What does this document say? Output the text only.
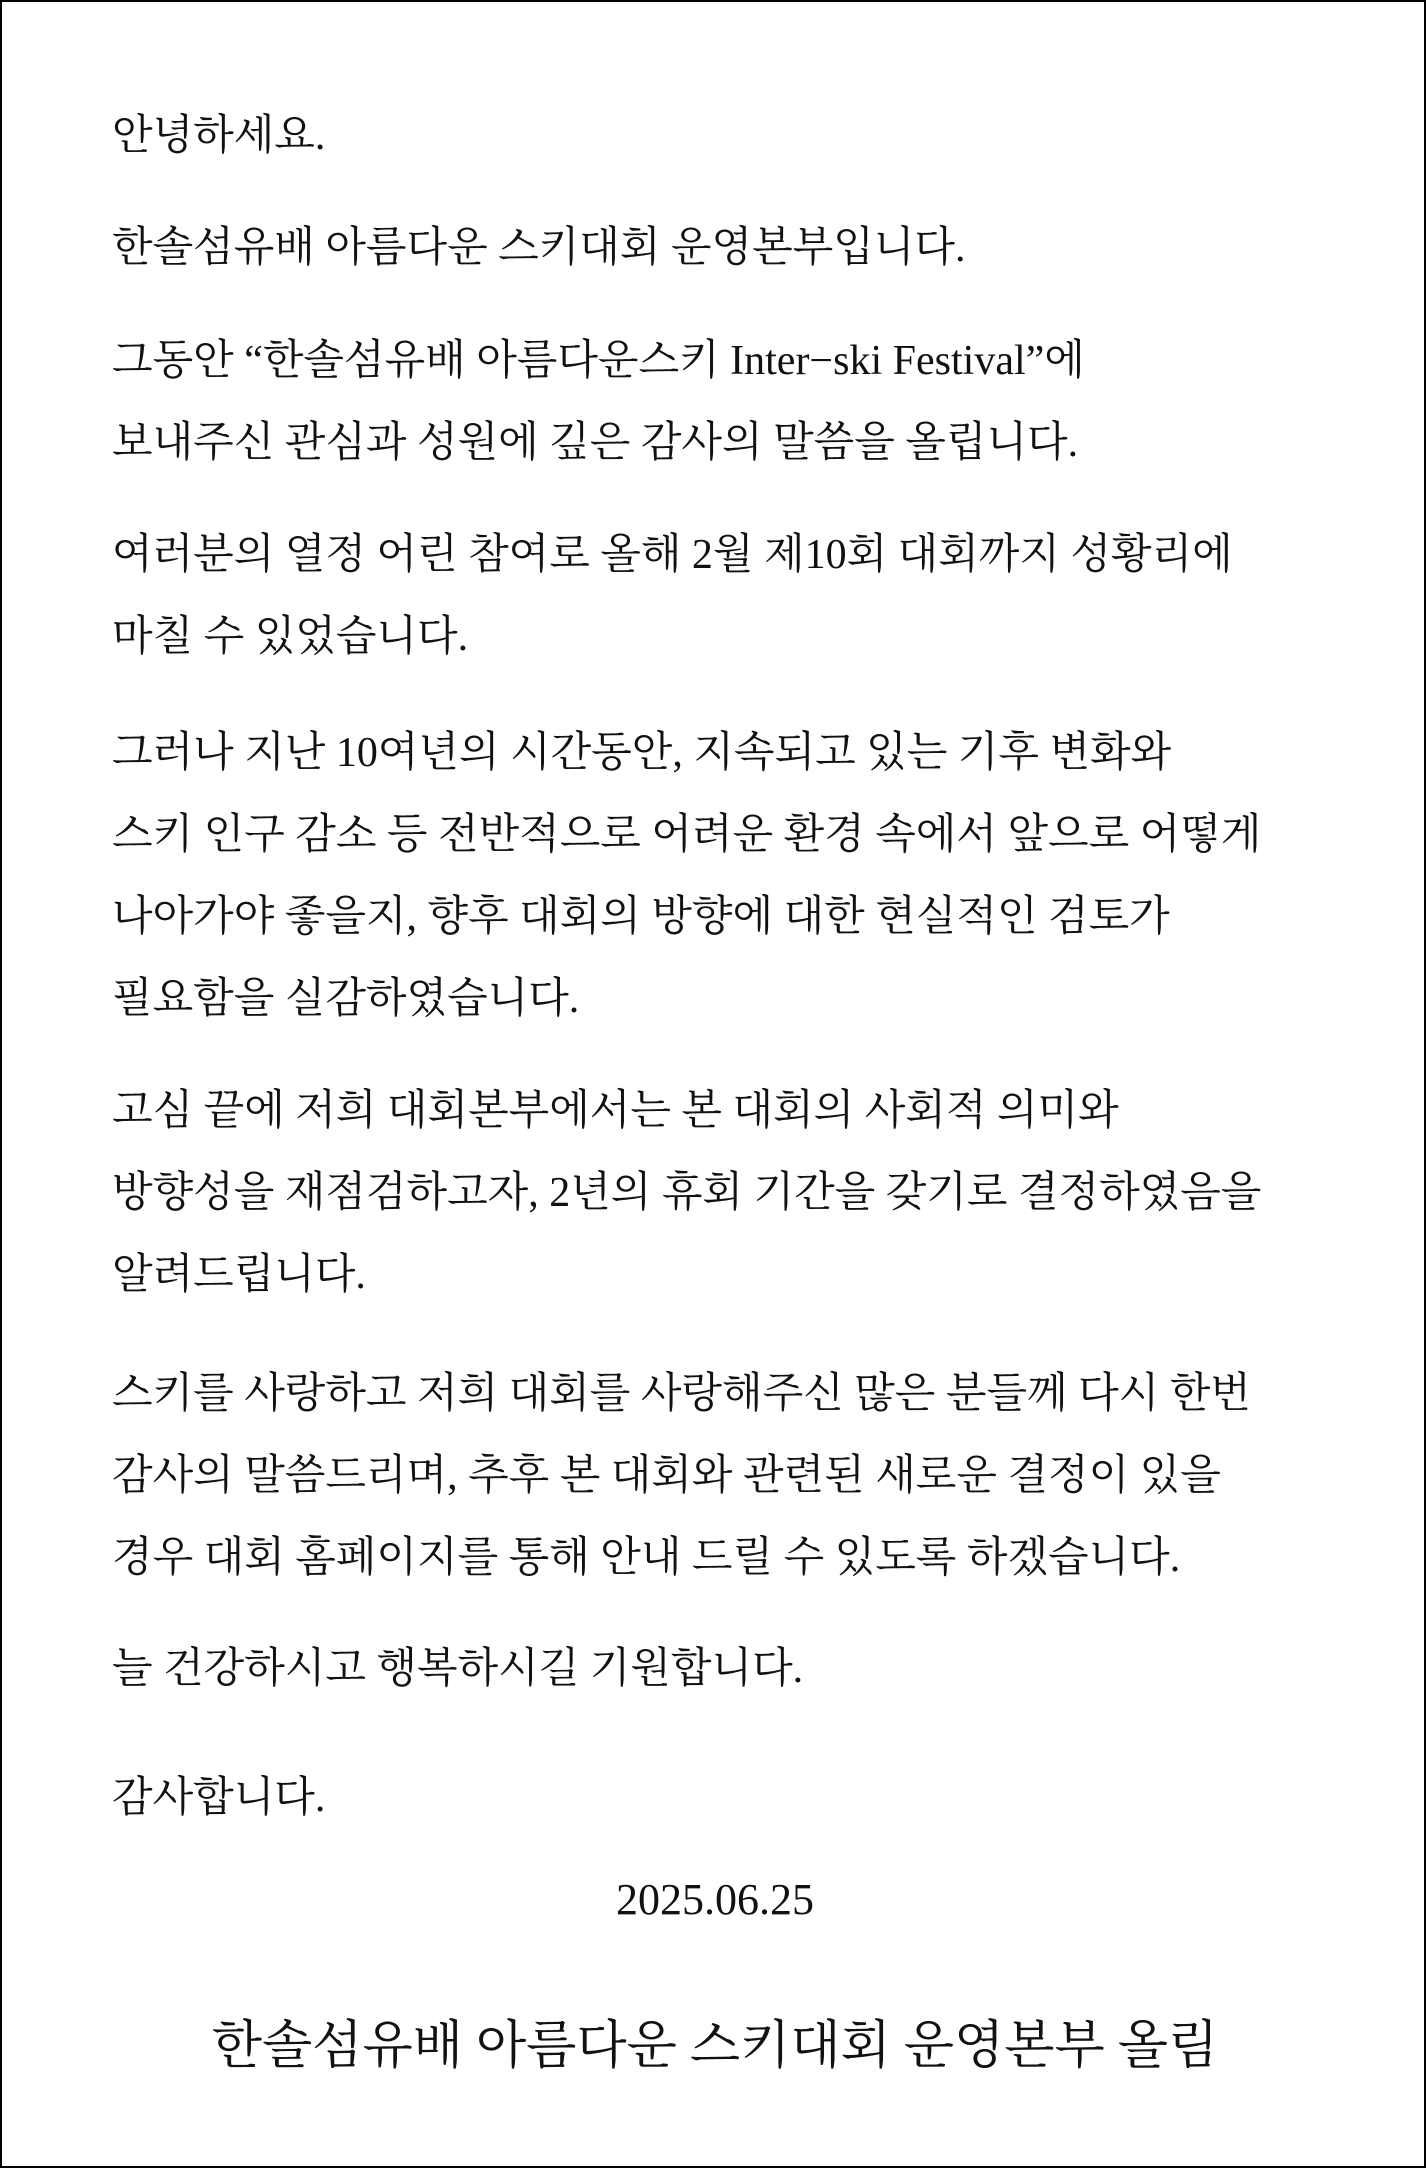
안녕하세요.

한솔섬유배 아름다운 스키대회 운영본부입니다.

그동안 “한솔섬유배 아름다운스키 Inter−ski Festival”에
보내주신 관심과 성원에 깊은 감사의 말씀을 올립니다.

여러분의 열정 어린 참여로 올해 2월 제10회 대회까지 성황리에
마칠 수 있었습니다.

그러나 지난 10여년의 시간동안, 지속되고 있는 기후 변화와
스키 인구 감소 등 전반적으로 어려운 환경 속에서 앞으로 어떻게
나아가야 좋을지, 향후 대회의 방향에 대한 현실적인 검토가
필요함을 실감하였습니다.

고심 끝에 저희 대회본부에서는 본 대회의 사회적 의미와
방향성을 재점검하고자, 2년의 휴회 기간을 갖기로 결정하였음을
알려드립니다.

스키를 사랑하고 저희 대회를 사랑해주신 많은 분들께 다시 한번
감사의 말씀드리며, 추후 본 대회와 관련된 새로운 결정이 있을
경우 대회 홈페이지를 통해 안내 드릴 수 있도록 하겠습니다.

늘 건강하시고 행복하시길 기원합니다.

감사합니다.

2025.06.25
한솔섬유배 아름다운 스키대회 운영본부 올림
